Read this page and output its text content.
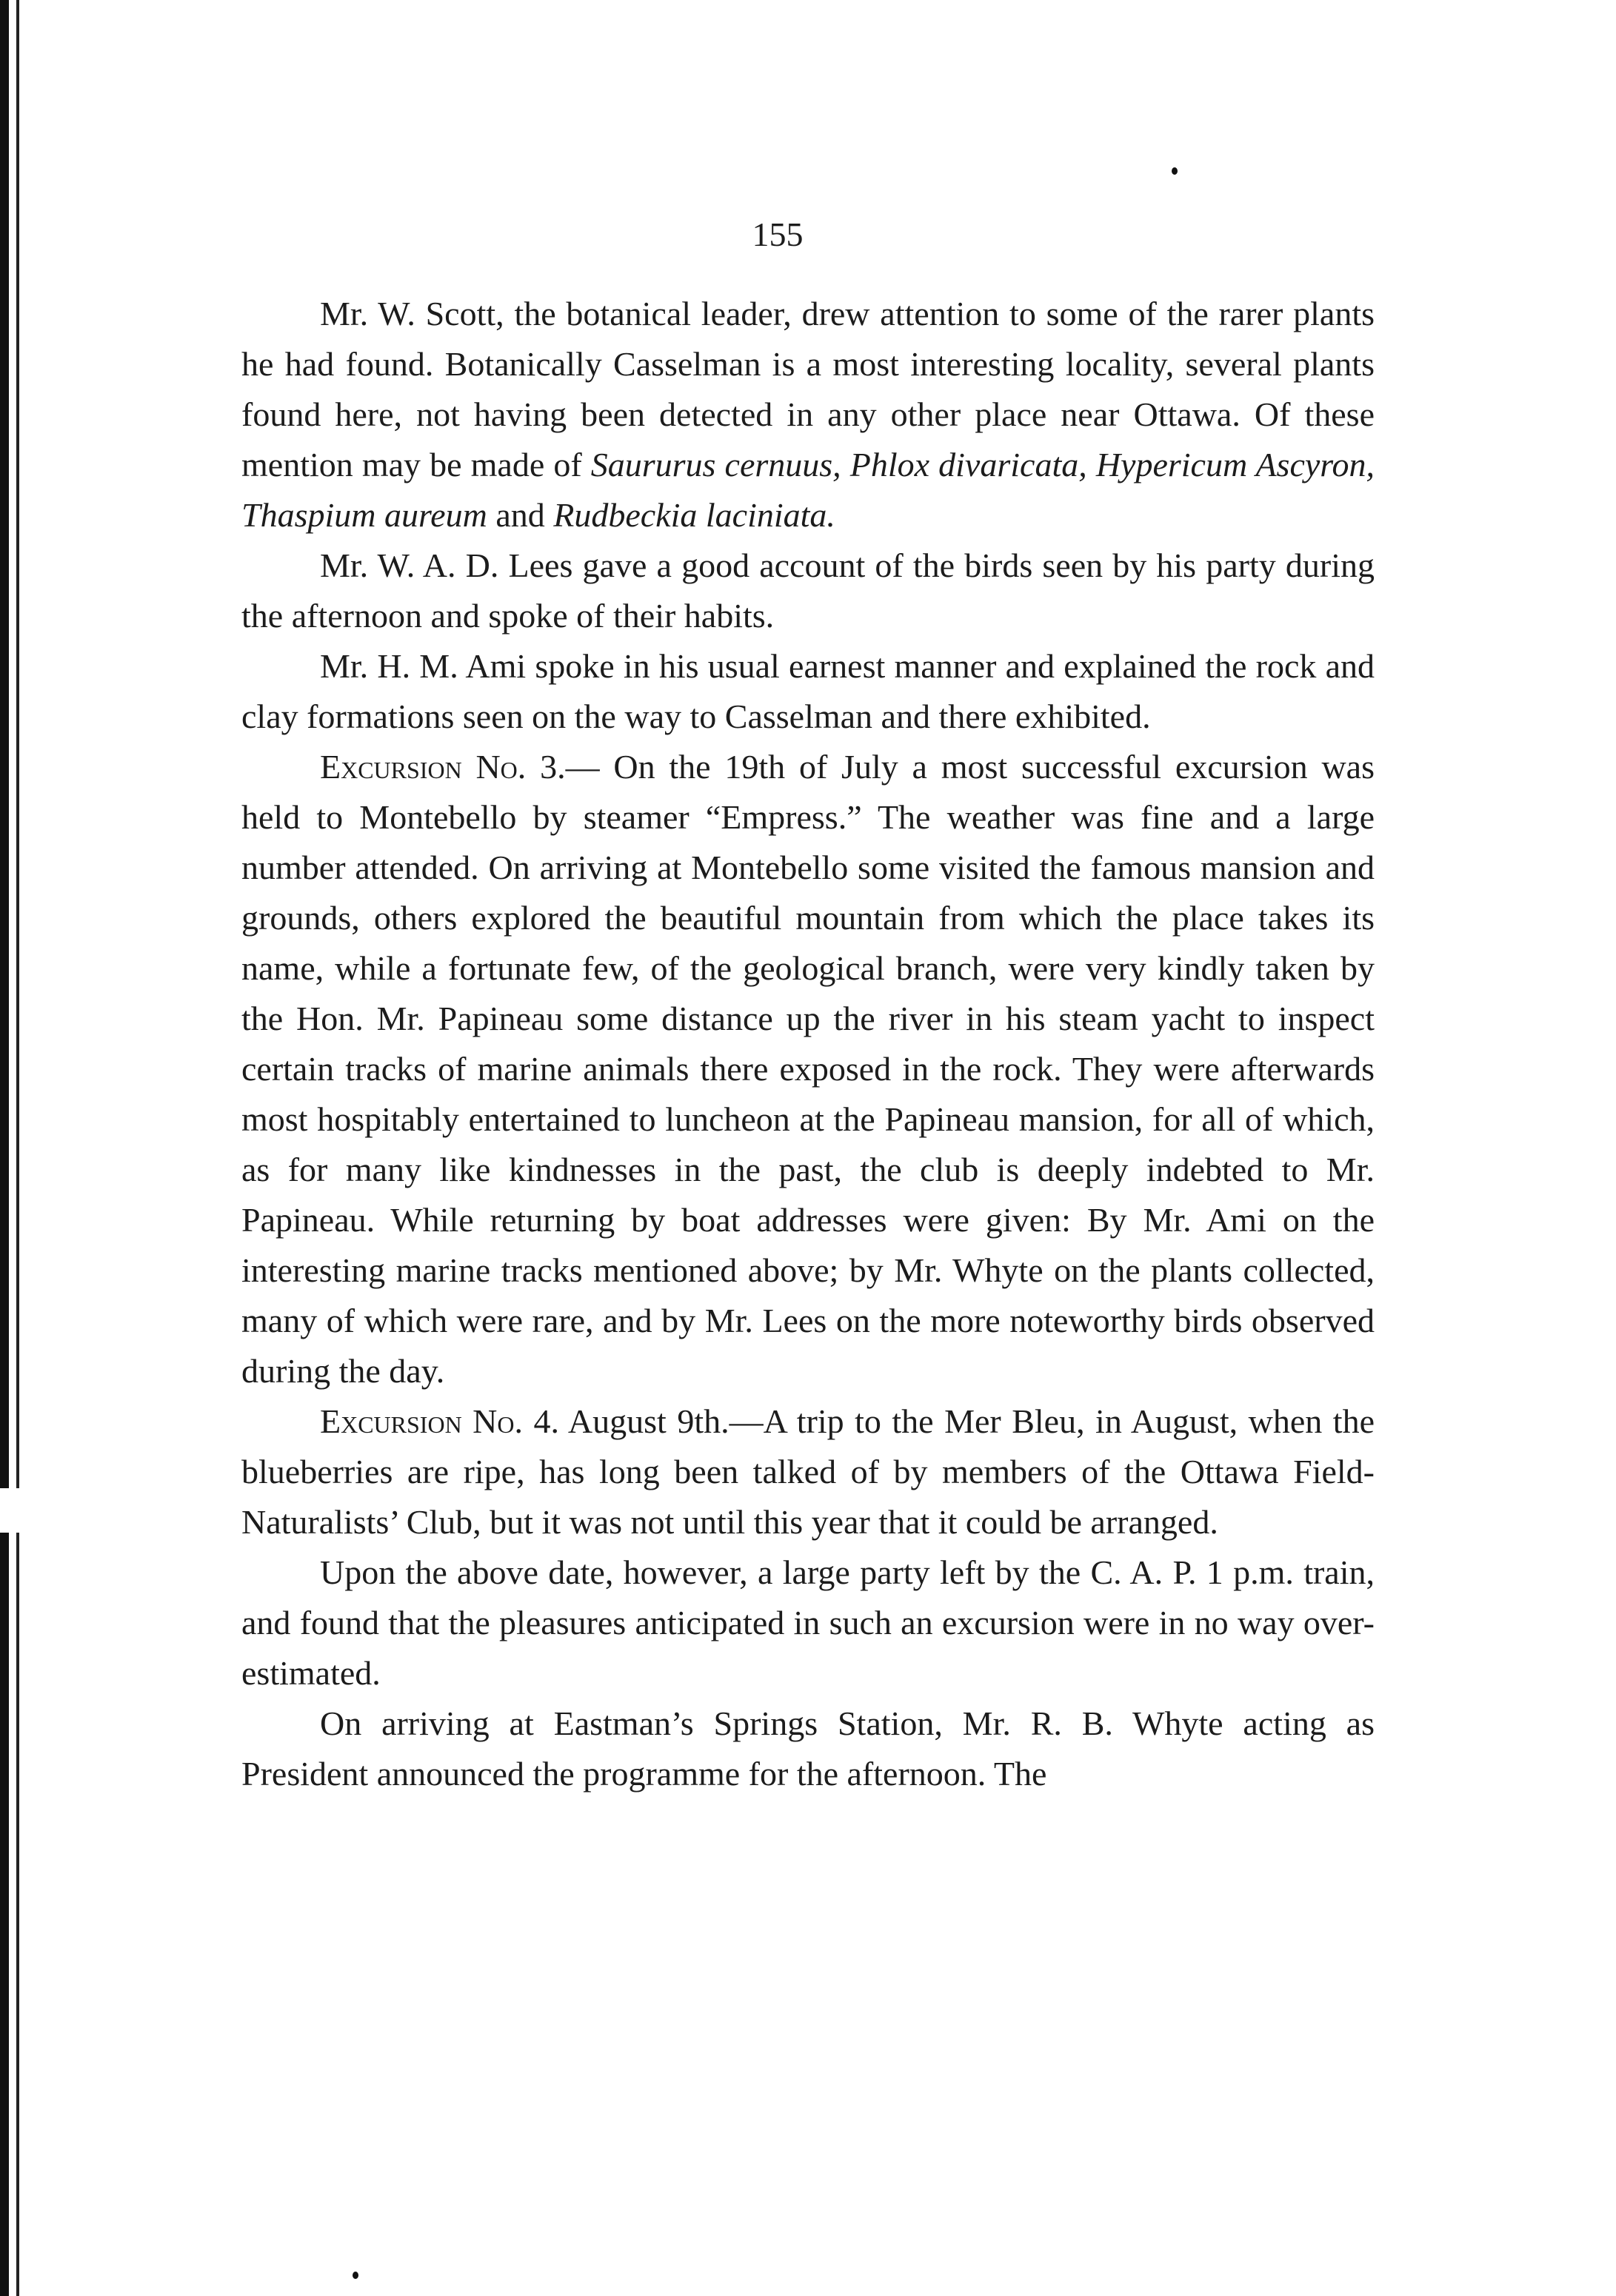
155

Mr. W. Scott, the botanical leader, drew attention to some of the rarer plants he had found. Botanically Casselman is a most interesting locality, several plants found here, not having been detected in any other place near Ottawa. Of these mention may be made of Saururus cernuus, Phlox divaricata, Hypericum Ascyron, Thaspium aureum and Rudbeckia laciniata.

Mr. W. A. D. Lees gave a good account of the birds seen by his party during the afternoon and spoke of their habits.

Mr. H. M. Ami spoke in his usual earnest manner and explained the rock and clay formations seen on the way to Casselman and there exhibited.

Excursion No. 3.— On the 19th of July a most successful excursion was held to Montebello by steamer “Empress.” The weather was fine and a large number attended. On arriving at Montebello some visited the famous mansion and grounds, others explored the beautiful mountain from which the place takes its name, while a fortunate few, of the geological branch, were very kindly taken by the Hon. Mr. Papineau some distance up the river in his steam yacht to inspect certain tracks of marine animals there exposed in the rock. They were afterwards most hospitably entertained to luncheon at the Papineau mansion, for all of which, as for many like kindnesses in the past, the club is deeply indebted to Mr. Papineau. While returning by boat addresses were given: By Mr. Ami on the interesting marine tracks mentioned above; by Mr. Whyte on the plants collected, many of which were rare, and by Mr. Lees on the more noteworthy birds observed during the day.

Excursion No. 4. August 9th.—A trip to the Mer Bleu, in August, when the blueberries are ripe, has long been talked of by members of the Ottawa Field-Naturalists’ Club, but it was not until this year that it could be arranged.

Upon the above date, however, a large party left by the C. A. P. 1 p.m. train, and found that the pleasures anticipated in such an excursion were in no way over-estimated.

On arriving at Eastman’s Springs Station, Mr. R. B. Whyte acting as President announced the programme for the afternoon. The
